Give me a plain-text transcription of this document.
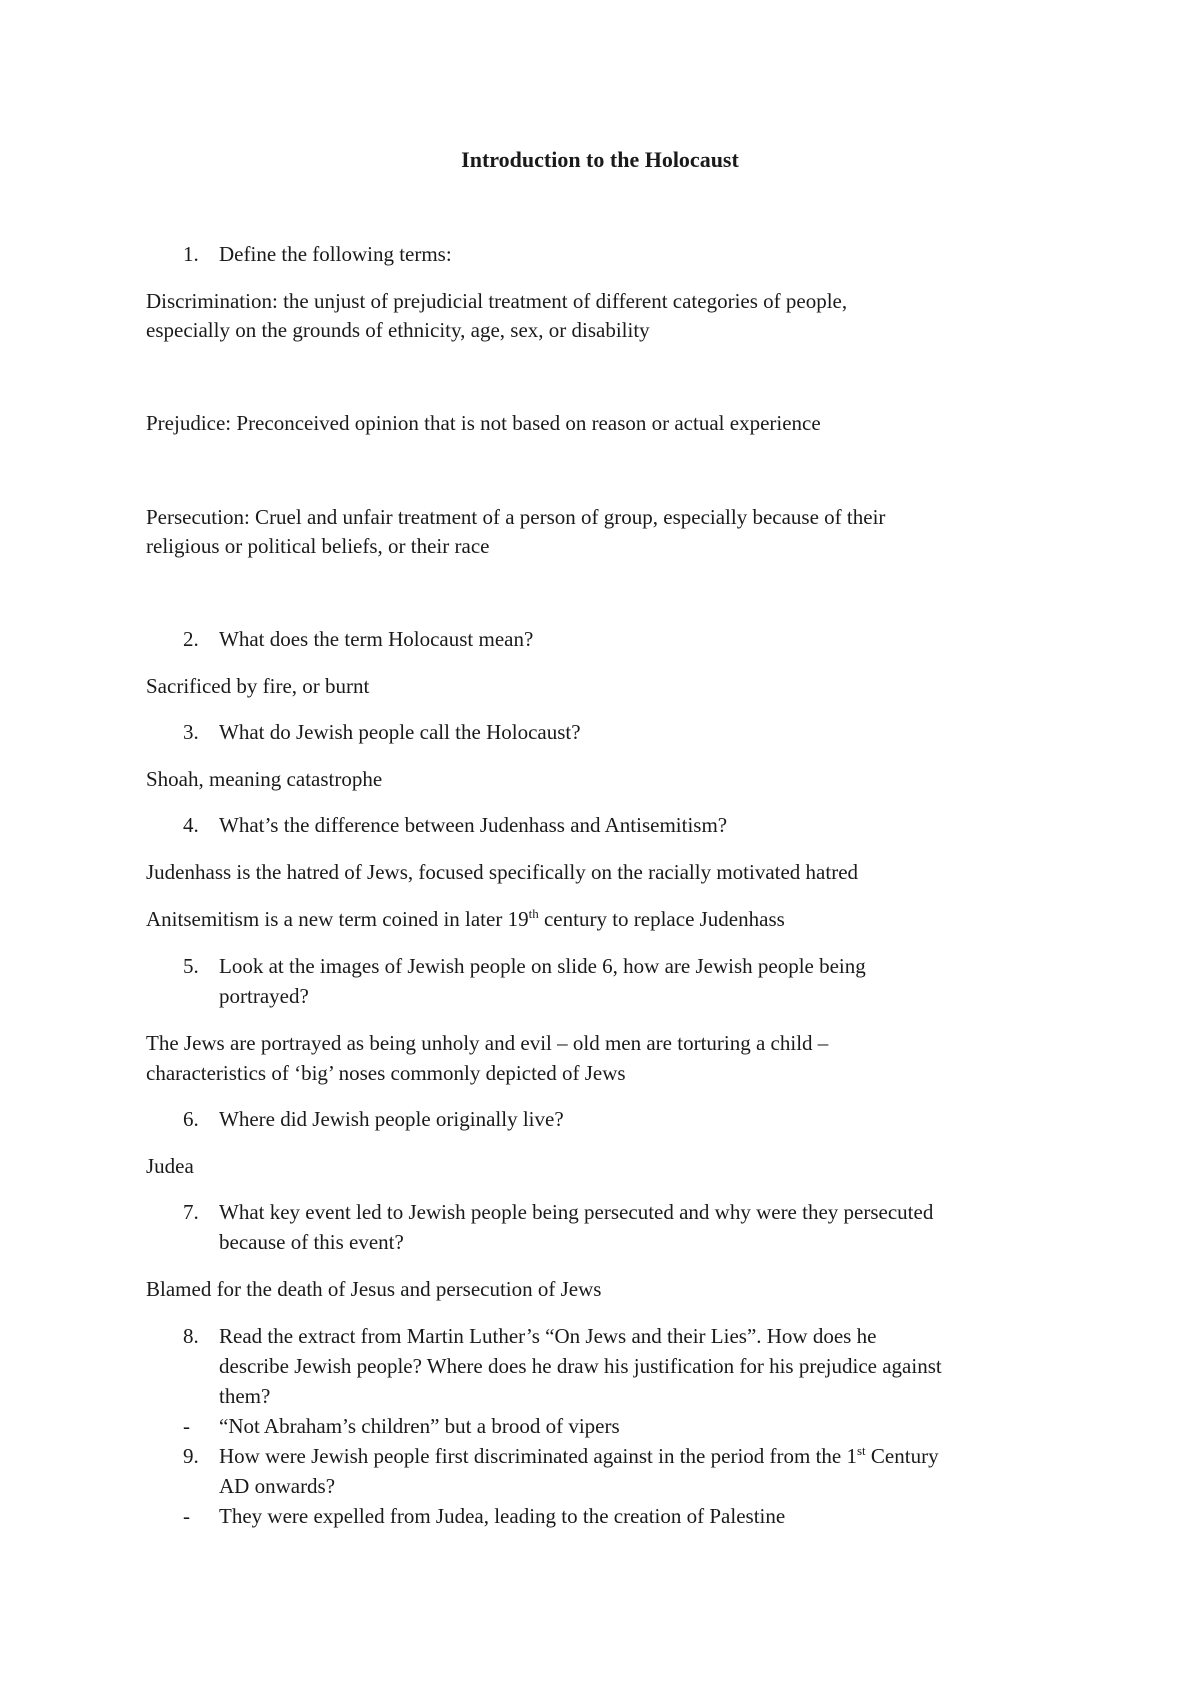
Introduction to the Holocaust
1. Define the following terms:
Discrimination: the unjust of prejudicial treatment of different categories of people,
especially on the grounds of ethnicity, age, sex, or disability
Prejudice: Preconceived opinion that is not based on reason or actual experience
Persecution: Cruel and unfair treatment of a person of group, especially because of their
religious or political beliefs, or their race
2. What does the term Holocaust mean?
Sacrificed by fire, or burnt
3. What do Jewish people call the Holocaust?
Shoah, meaning catastrophe
4. What’s the difference between Judenhass and Antisemitism?
Judenhass is the hatred of Jews, focused specifically on the racially motivated hatred
Anitsemitism is a new term coined in later 19th century to replace Judenhass
5. Look at the images of Jewish people on slide 6, how are Jewish people being
portrayed?
The Jews are portrayed as being unholy and evil – old men are torturing a child –
characteristics of ‘big’ noses commonly depicted of Jews
6. Where did Jewish people originally live?
Judea
7. What key event led to Jewish people being persecuted and why were they persecuted
because of this event?
Blamed for the death of Jesus and persecution of Jews
8. Read the extract from Martin Luther’s “On Jews and their Lies”. How does he
describe Jewish people? Where does he draw his justification for his prejudice against
them?
- “Not Abraham’s children” but a brood of vipers
9. How were Jewish people first discriminated against in the period from the 1st Century
AD onwards?
- They were expelled from Judea, leading to the creation of Palestine
